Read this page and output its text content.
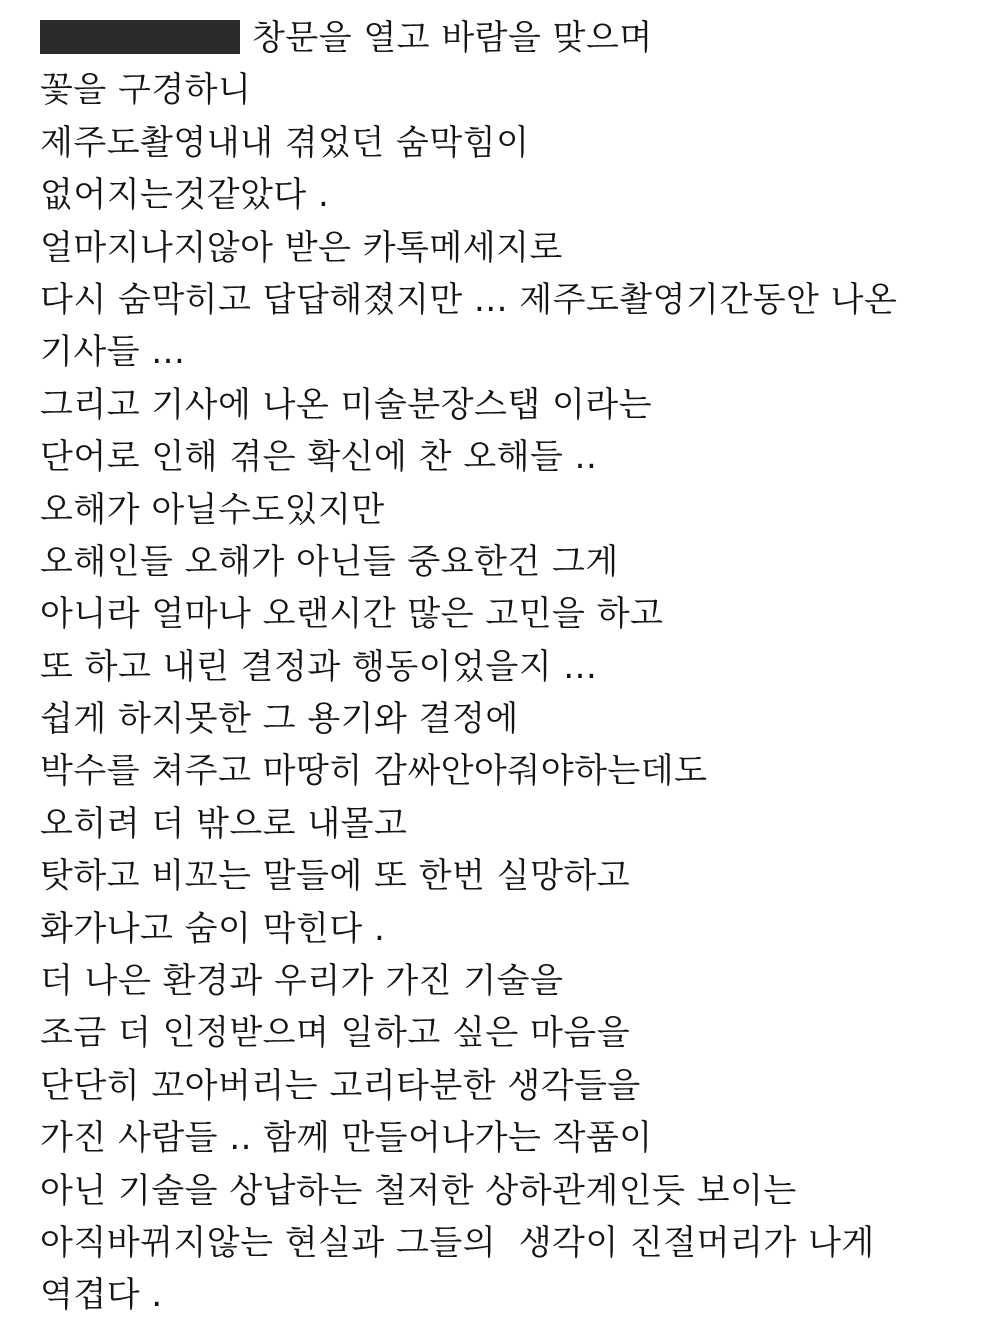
창문을 열고 바람을 맞으며
꽃을 구경하니
제주도촬영내내 겪었던 숨막힘이
없어지는것같았다 .
얼마지나지않아 받은 카톡메세지로
다시 숨막히고 답답해졌지만 ... 제주도촬영기간동안 나온
기사들 ...
그리고 기사에 나온 미술분장스탭 이라는
단어로 인해 겪은 확신에 찬 오해들 ..
오해가 아닐수도있지만
오해인들 오해가 아닌들 중요한건 그게
아니라 얼마나 오랜시간 많은 고민을 하고
또 하고 내린 결정과 행동이었을지 ...
쉽게 하지못한 그 용기와 결정에
박수를 쳐주고 마땅히 감싸안아줘야하는데도
오히려 더 밖으로 내몰고
탓하고 비꼬는 말들에 또 한번 실망하고
화가나고 숨이 막힌다 .
더 나은 환경과 우리가 가진 기술을
조금 더 인정받으며 일하고 싶은 마음을
단단히 꼬아버리는 고리타분한 생각들을
가진 사람들 .. 함께 만들어나가는 작품이
아닌 기술을 상납하는 철저한 상하관계인듯 보이는
아직바뀌지않는 현실과 그들의  생각이 진절머리가 나게
역겹다 .
